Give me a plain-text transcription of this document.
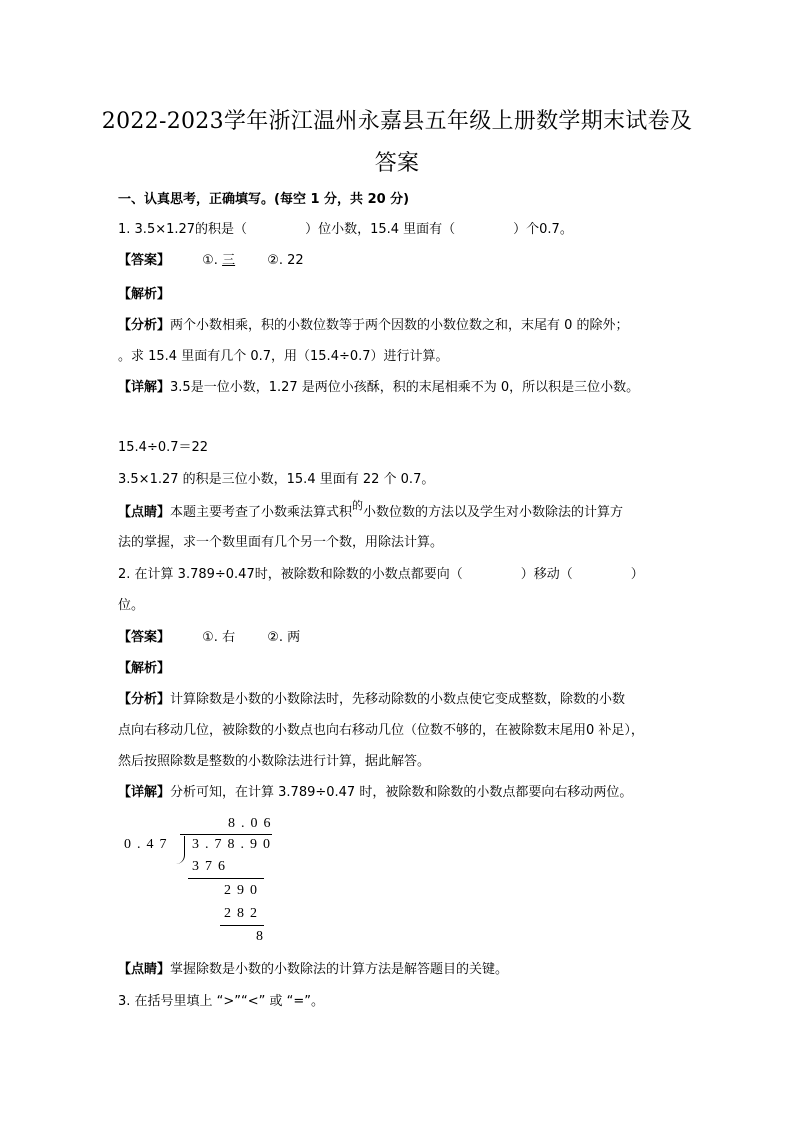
2022-2023学年浙江温州永嘉县五年级上册数学期末试卷及
答案
一、认真思考，正确填写。(每空 1 分，共 20 分)
1. 3.5×1.27的积是（	）位小数，15.4 里面有（	）个0.7。
【答案】 ①. 三 ②. 22
【解析】
【分析】两个小数相乘，积的小数位数等于两个因数的小数位数之和，末尾有 0 的除外；
。求 15.4 里面有几个 0.7，用（15.4÷0.7）进行计算。
【详解】3.5是一位小数，1.27 是两位小孩酥，积的末尾相乘不为 0，所以积是三位小数。
15.4÷0.7＝22
3.5×1.27 的积是三位小数，15.4 里面有 22 个 0.7。
【点睛】本题主要考查了小数乘法算式积$^的$小数位数的方法以及学生对小数除法的计算方
法的掌握，求一个数里面有几个另一个数，用除法计算。
2. 在计算 3.789÷0.47时，被除数和除数的小数点都要向（	）移动（	）
位。
【答案】 ①. 右 ②. 两
【解析】
【分析】计算除数是小数的小数除法时，先移动除数的小数点使它变成整数，除数的小数
点向右移动几位，被除数的小数点也向右移动几位（位数不够的，在被除数末尾用0 补足），
然后按照除数是整数的小数除法进行计算，据此解答。
【详解】分析可知，在计算 3.789÷0.47 时，被除数和除数的小数点都要向右移动两位。
8.06
0.47 3.78.90
376
290
282
8
【点睛】掌握除数是小数的小数除法的计算方法是解答题目的关键。
3. 在括号里填上 “>”“<” 或 “=”。
